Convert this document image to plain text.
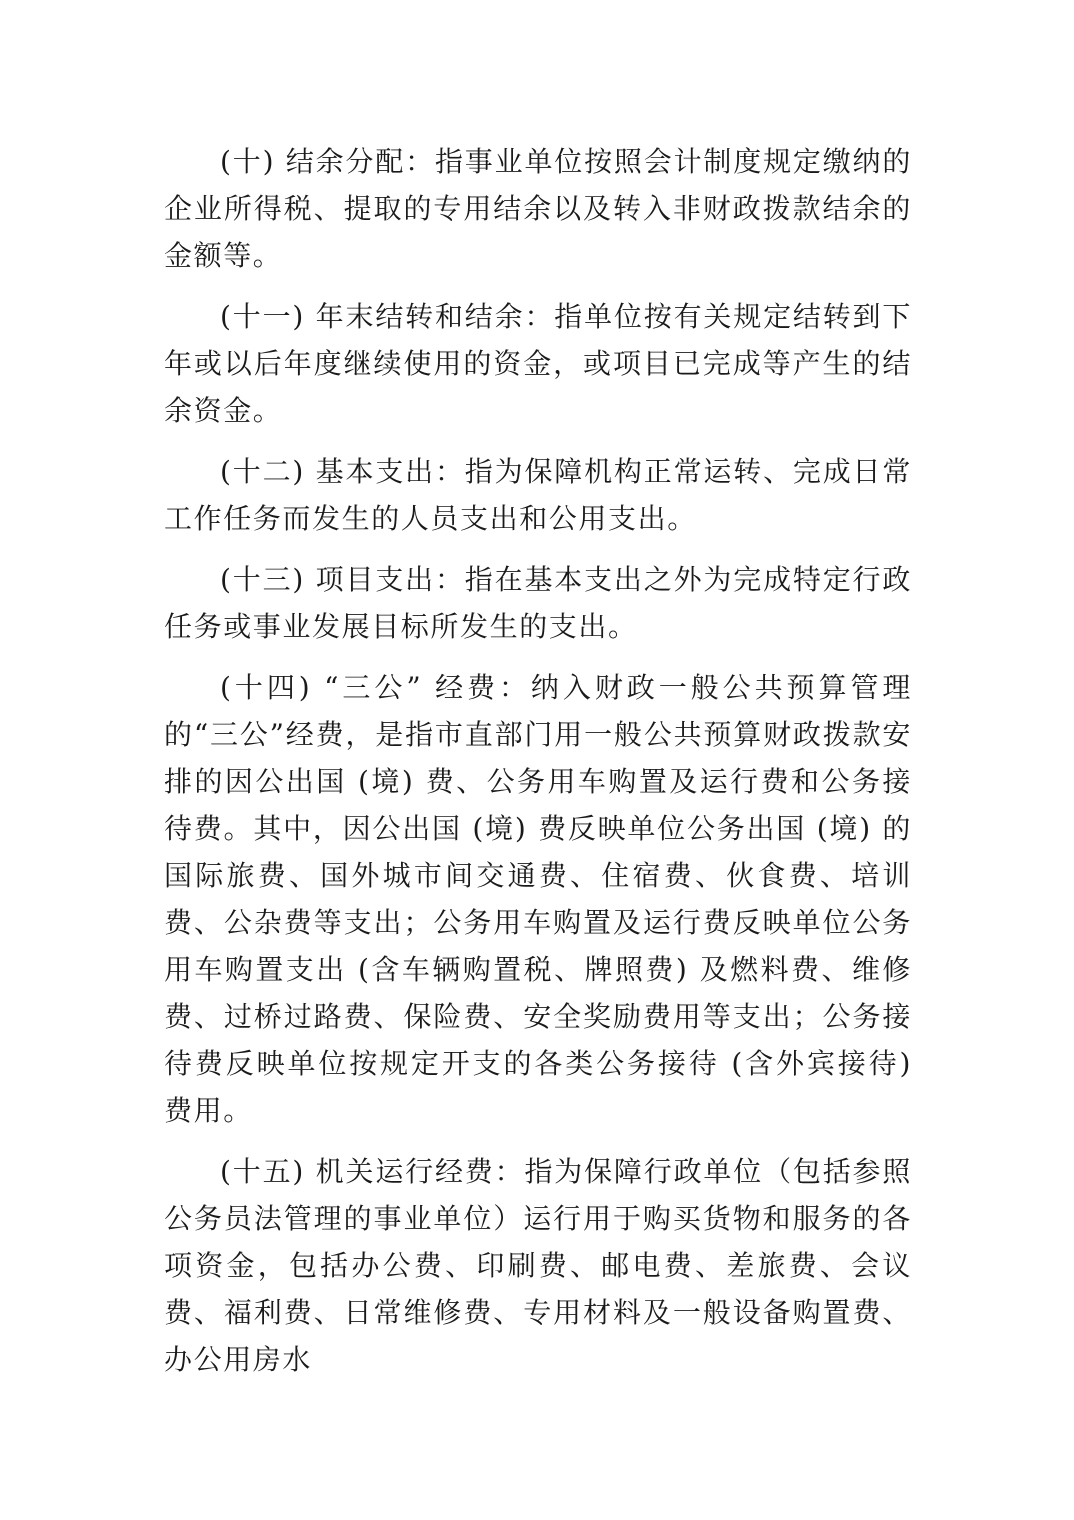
(十) 结余分配：指事业单位按照会计制度规定缴纳的企业所得税、提取的专用结余以及转入非财政拨款结余的金额等。

(十一) 年末结转和结余：指单位按有关规定结转到下年或以后年度继续使用的资金，或项目已完成等产生的结余资金。

(十二) 基本支出：指为保障机构正常运转、完成日常工作任务而发生的人员支出和公用支出。

(十三) 项目支出：指在基本支出之外为完成特定行政任务或事业发展目标所发生的支出。

(十四) “三公” 经费：纳入财政一般公共预算管理的“三公”经费，是指市直部门用一般公共预算财政拨款安排的因公出国 (境) 费、公务用车购置及运行费和公务接待费。其中，因公出国 (境) 费反映单位公务出国 (境) 的国际旅费、国外城市间交通费、住宿费、伙食费、培训费、公杂费等支出；公务用车购置及运行费反映单位公务用车购置支出 (含车辆购置税、牌照费) 及燃料费、维修费、过桥过路费、保险费、安全奖励费用等支出；公务接待费反映单位按规定开支的各类公务接待 (含外宾接待) 费用。

(十五) 机关运行经费：指为保障行政单位（包括参照公务员法管理的事业单位）运行用于购买货物和服务的各项资金，包括办公费、印刷费、邮电费、差旅费、会议费、福利费、日常维修费、专用材料及一般设备购置费、办公用房水
